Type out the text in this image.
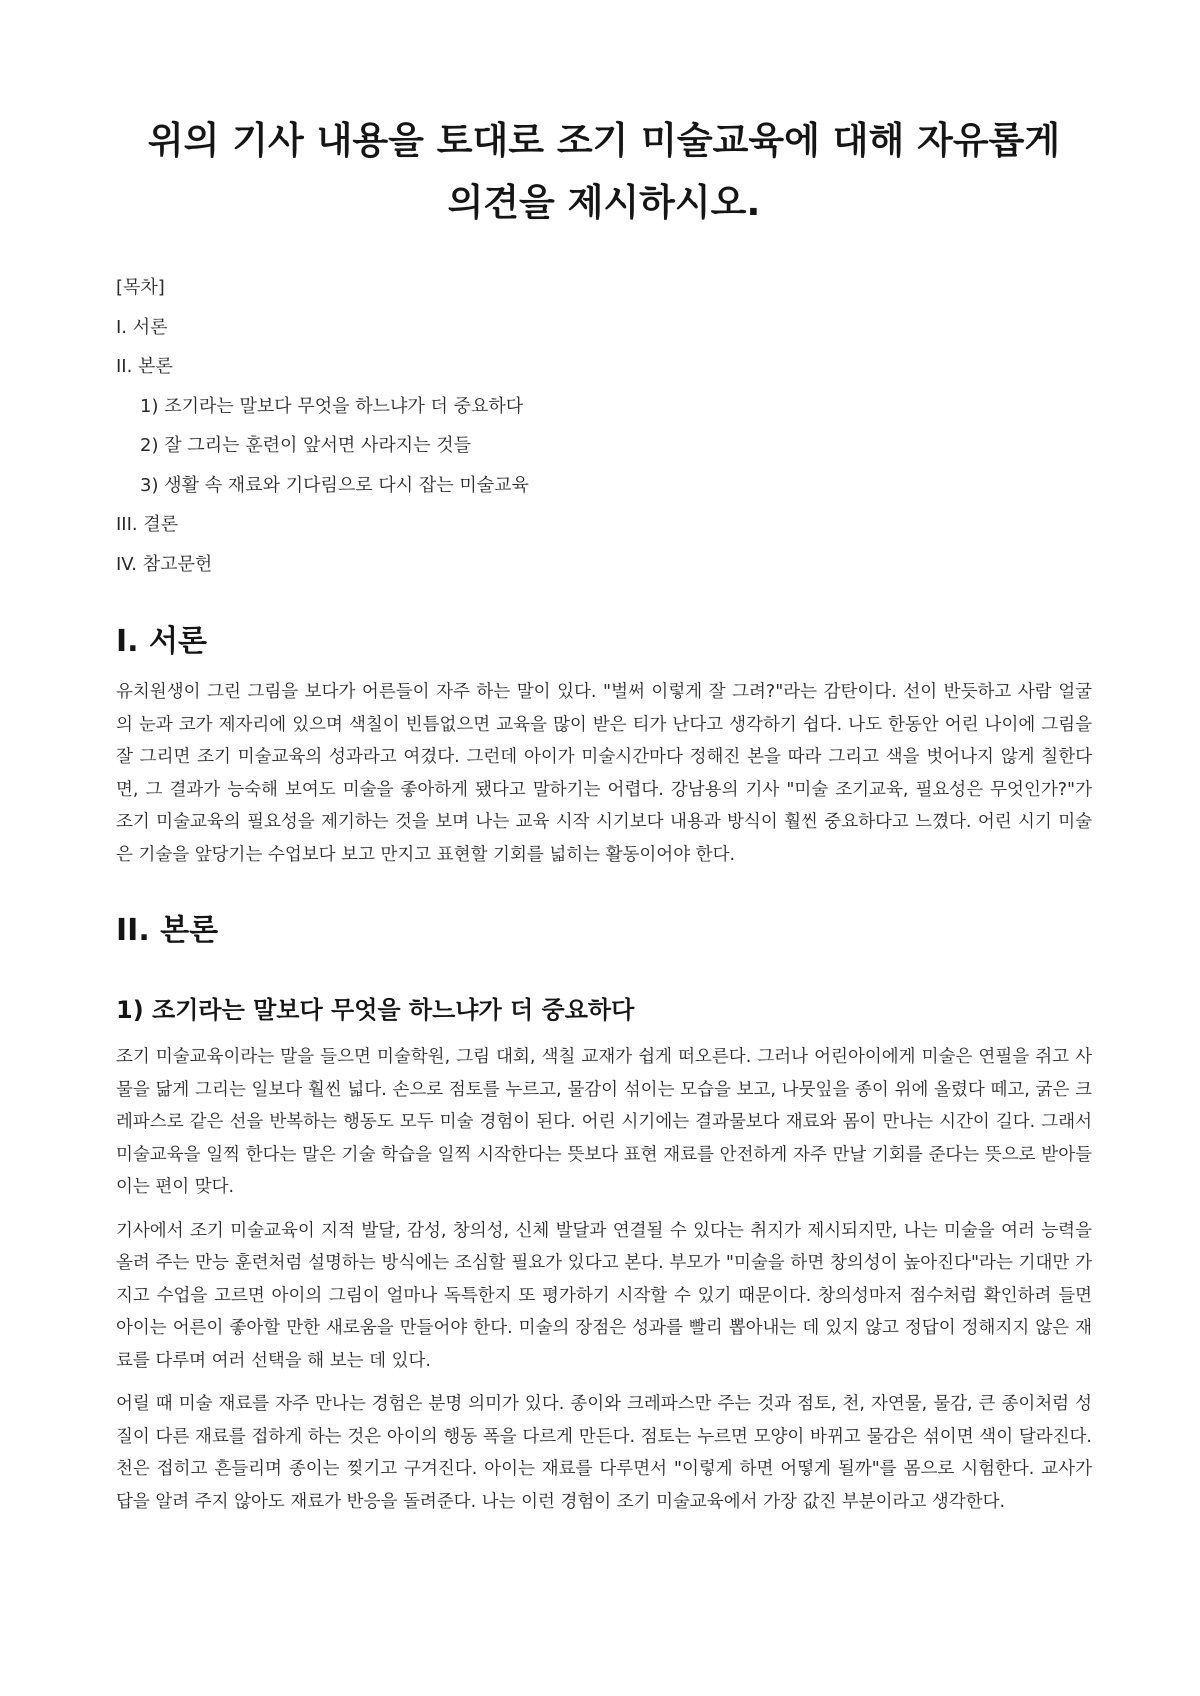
위의 기사 내용을 토대로 조기 미술교육에 대해 자유롭게 의견을 제시하시오.
[목차]
I. 서론
II. 본론
1) 조기라는 말보다 무엇을 하느냐가 더 중요하다
2) 잘 그리는 훈련이 앞서면 사라지는 것들
3) 생활 속 재료와 기다림으로 다시 잡는 미술교육
III. 결론
IV. 참고문헌
I. 서론

유치원생이 그린 그림을 보다가 어른들이 자주 하는 말이 있다. "벌써 이렇게 잘 그려?"라는 감탄이다. 선이 반듯하고 사람 얼굴의 눈과 코가 제자리에 있으며 색칠이 빈틈없으면 교육을 많이 받은 티가 난다고 생각하기 쉽다. 나도 한동안 어린 나이에 그림을 잘 그리면 조기 미술교육의 성과라고 여겼다. 그런데 아이가 미술시간마다 정해진 본을 따라 그리고 색을 벗어나지 않게 칠한다면, 그 결과가 능숙해 보여도 미술을 좋아하게 됐다고 말하기는 어렵다. 강남용의 기사 "미술 조기교육, 필요성은 무엇인가?"가 조기 미술교육의 필요성을 제기하는 것을 보며 나는 교육 시작 시기보다 내용과 방식이 훨씬 중요하다고 느꼈다. 어린 시기 미술은 기술을 앞당기는 수업보다 보고 만지고 표현할 기회를 넓히는 활동이어야 한다.

II. 본론
1) 조기라는 말보다 무엇을 하느냐가 더 중요하다

조기 미술교육이라는 말을 들으면 미술학원, 그림 대회, 색칠 교재가 쉽게 떠오른다. 그러나 어린아이에게 미술은 연필을 쥐고 사물을 닮게 그리는 일보다 훨씬 넓다. 손으로 점토를 누르고, 물감이 섞이는 모습을 보고, 나뭇잎을 종이 위에 올렸다 떼고, 굵은 크레파스로 같은 선을 반복하는 행동도 모두 미술 경험이 된다. 어린 시기에는 결과물보다 재료와 몸이 만나는 시간이 길다. 그래서 미술교육을 일찍 한다는 말은 기술 학습을 일찍 시작한다는 뜻보다 표현 재료를 안전하게 자주 만날 기회를 준다는 뜻으로 받아들이는 편이 맞다.

기사에서 조기 미술교육이 지적 발달, 감성, 창의성, 신체 발달과 연결될 수 있다는 취지가 제시되지만, 나는 미술을 여러 능력을 올려 주는 만능 훈련처럼 설명하는 방식에는 조심할 필요가 있다고 본다. 부모가 "미술을 하면 창의성이 높아진다"라는 기대만 가지고 수업을 고르면 아이의 그림이 얼마나 독특한지 또 평가하기 시작할 수 있기 때문이다. 창의성마저 점수처럼 확인하려 들면 아이는 어른이 좋아할 만한 새로움을 만들어야 한다. 미술의 장점은 성과를 빨리 뽑아내는 데 있지 않고 정답이 정해지지 않은 재료를 다루며 여러 선택을 해 보는 데 있다.

어릴 때 미술 재료를 자주 만나는 경험은 분명 의미가 있다. 종이와 크레파스만 주는 것과 점토, 천, 자연물, 물감, 큰 종이처럼 성질이 다른 재료를 접하게 하는 것은 아이의 행동 폭을 다르게 만든다. 점토는 누르면 모양이 바뀌고 물감은 섞이면 색이 달라진다. 천은 접히고 흔들리며 종이는 찢기고 구겨진다. 아이는 재료를 다루면서 "이렇게 하면 어떻게 될까"를 몸으로 시험한다. 교사가 답을 알려 주지 않아도 재료가 반응을 돌려준다. 나는 이런 경험이 조기 미술교육에서 가장 값진 부분이라고 생각한다.
